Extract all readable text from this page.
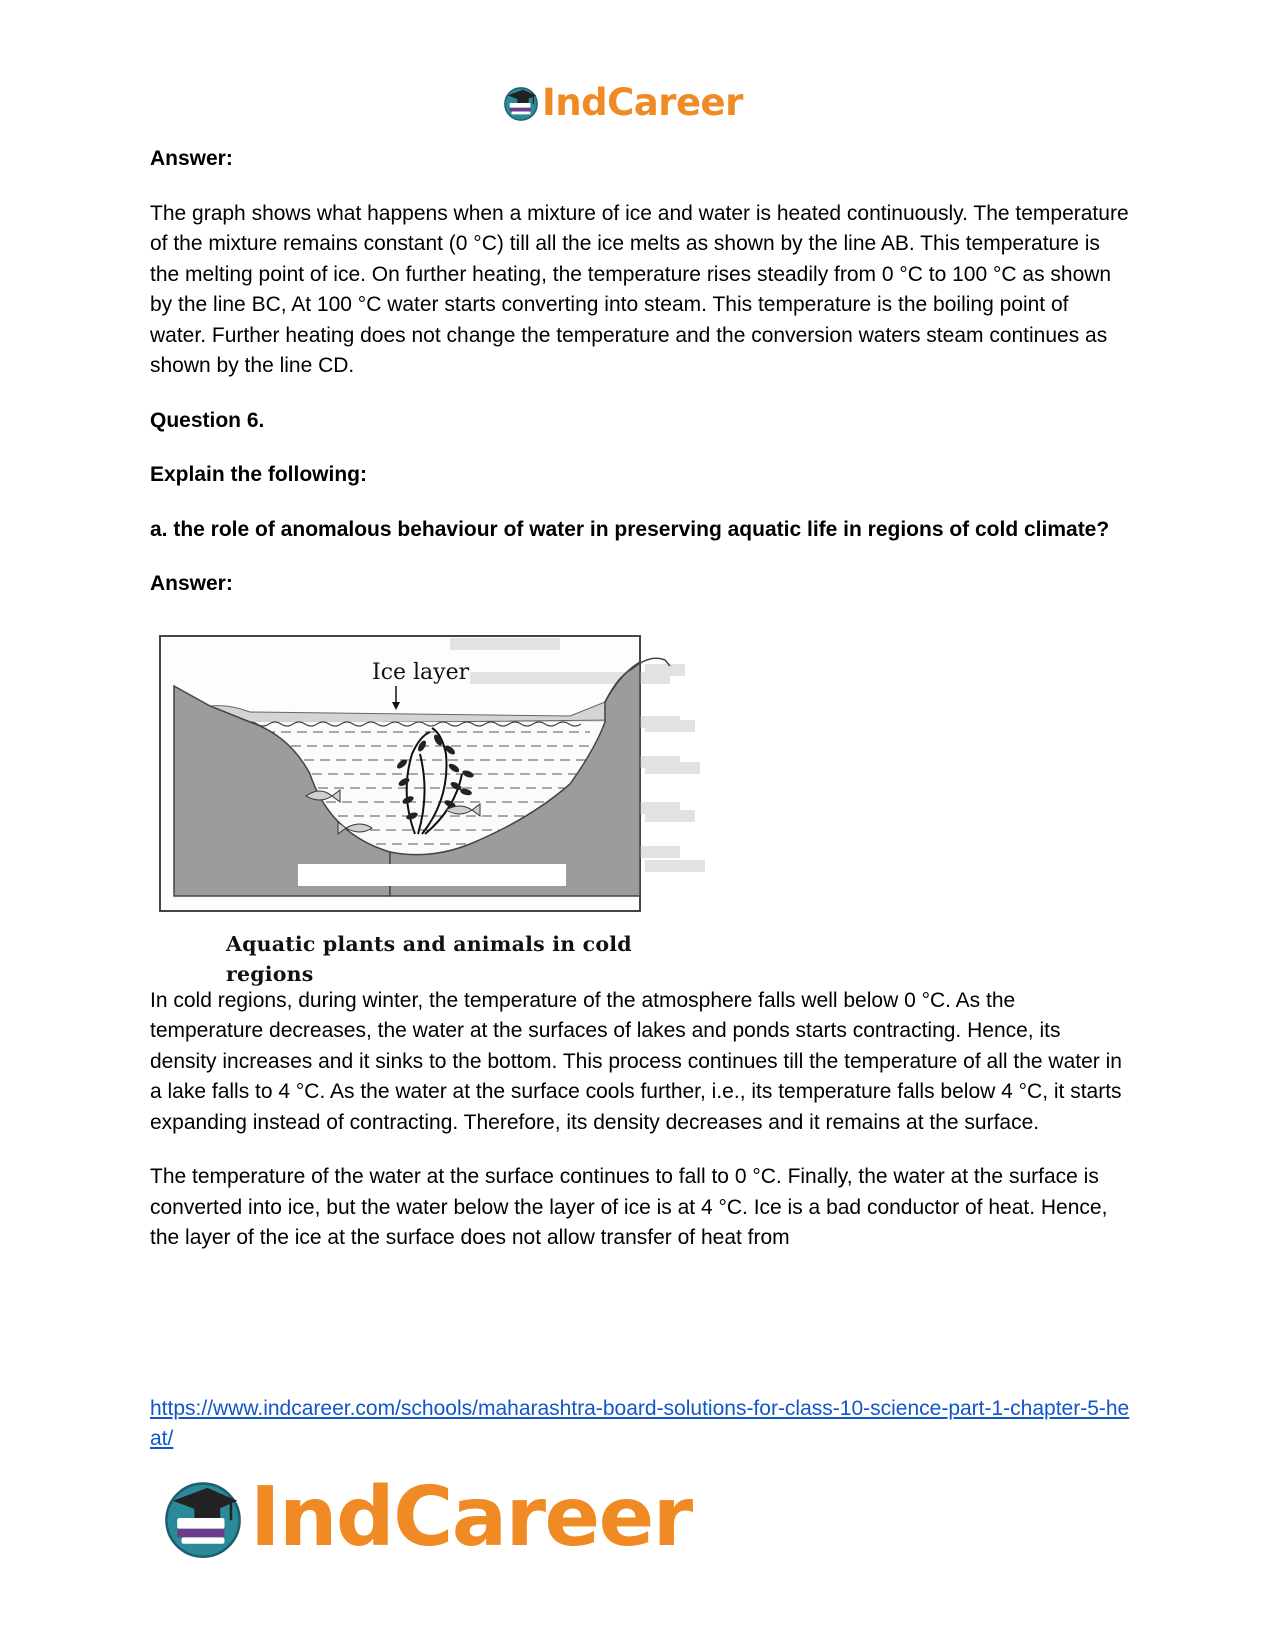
IndCareer

Answer:

The graph shows what happens when a mixture of ice and water is heated continuously. The temperature of the mixture remains constant (0 °C) till all the ice melts as shown by the line AB. This temperature is the melting point of ice. On further heating, the temperature rises steadily from 0 °C to 100 °C as shown by the line BC, At 100 °C water starts converting into steam. This temperature is the boiling point of water. Further heating does not change the temperature and the conversion waters steam continues as shown by the line CD.

Question 6.

Explain the following:

a. the role of anomalous behaviour of water in preserving aquatic life in regions of cold climate?

Answer:

Ice layer
Aquatic plants and animals in cold regions

In cold regions, during winter, the temperature of the atmosphere falls well below 0 °C. As the temperature decreases, the water at the surfaces of lakes and ponds starts contracting. Hence, its density increases and it sinks to the bottom. This process continues till the temperature of all the water in a lake falls to 4 °C. As the water at the surface cools further, i.e., its temperature falls below 4 °C, it starts expanding instead of contracting. Therefore, its density decreases and it remains at the surface.

The temperature of the water at the surface continues to fall to 0 °C. Finally, the water at the surface is converted into ice, but the water below the layer of ice is at 4 °C. Ice is a bad conductor of heat. Hence, the layer of the ice at the surface does not allow transfer of heat from

https://www.indcareer.com/schools/maharashtra-board-solutions-for-class-10-science-part-1-chapter-5-heat/
IndCareer
